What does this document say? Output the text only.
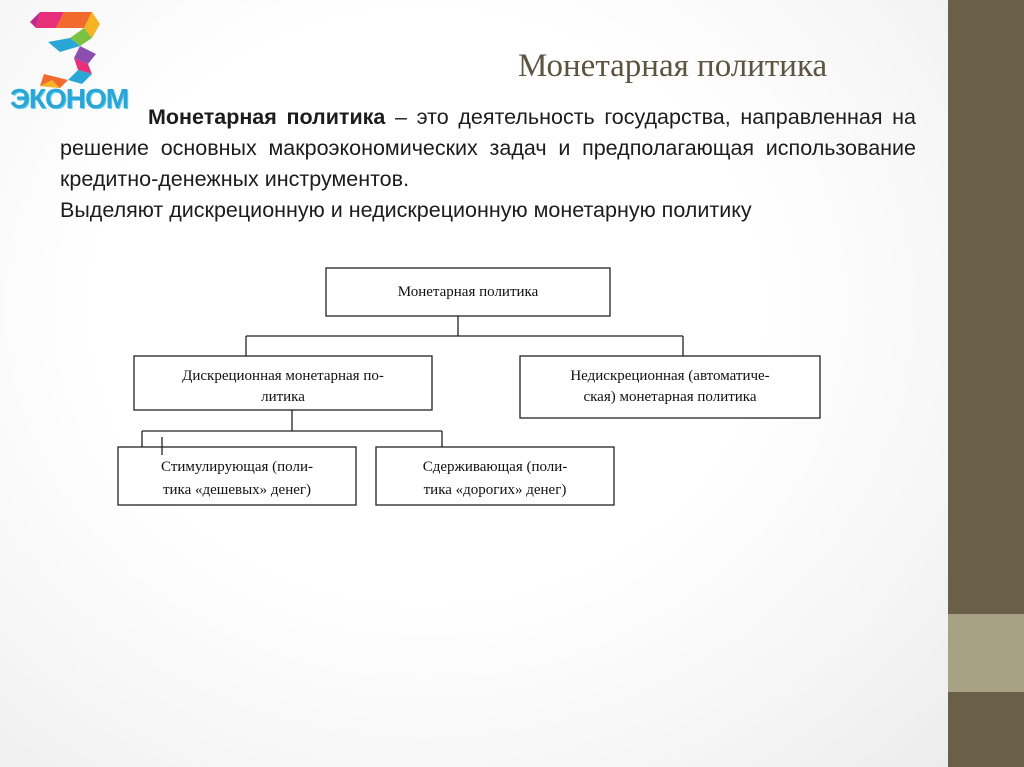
ЭКОНОМ
Монетарная политика

Монетарная политика – это деятельность государства, направленная на решение основных макроэкономических задач и предполагающая использование кредитно-денежных инструментов.

Выделяют дискреционную и недискреционную монетарную политику

Монетарная политика
Дискреционная монетарная по-
литика
Недискреционная (автоматиче-
ская) монетарная политика
Стимулирующая (поли-
тика «дешевых» денег)
Сдерживающая (поли-
тика «дорогих» денег)
